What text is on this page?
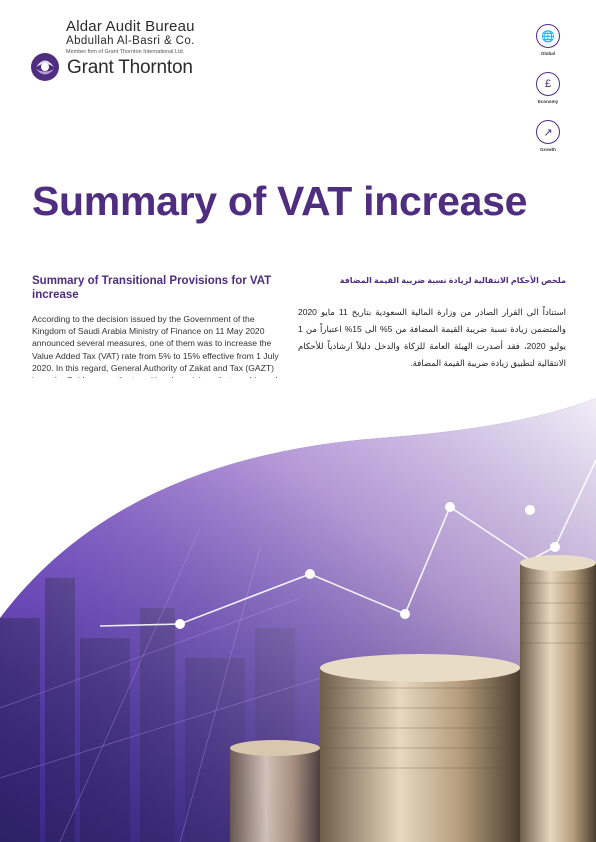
Aldar Audit Bureau
Abdullah Al-Basri & Co.
Member firm of Grant Thornton International Ltd.
Grant Thornton
🌐
Global
£
Economy
↗
Growth
Summary of VAT increase
Summary of Transitional Provisions for VAT increase
According to the decision issued by the Government of the Kingdom of Saudi Arabia Ministry of Finance on 11 May 2020 announced several measures, one of them was to increase the Value Added Tax (VAT) rate from 5% to 15% effective from 1 July 2020. In this regard, General Authority of Zakat and Tax (GAZT)
ملخص الأحكام الانتقالية لزيادة نسبة ضريبة القيمة المضافة
استناداً الى القرار الصادر من وزارة المالية السعودية بتاريخ 11 مايو 2020 والمتضمن زيادة نسبة ضريبة القيمة المضافة من 5% الى 15% اعتباراً من 1 يوليو 2020، فقد أصدرت الهيئة العامة للزكاة والدخل دليلاً ارشادياً للأحكام الانتقالية لتطبيق زيادة ضريبة القيمة المضافة.
